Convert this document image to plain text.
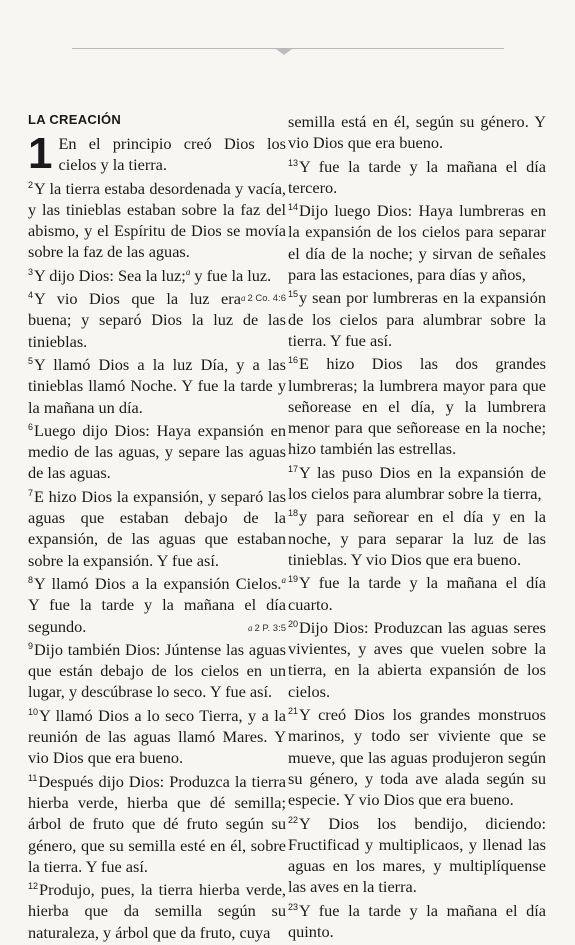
LA CREACIÓN

1 En el principio creó Dios los cielos y la tierra.

$^2$Y la tierra estaba desordenada y vacía, y las tinieblas estaban sobre la faz del abismo, y el Espíritu de Dios se movía sobre la faz de las aguas.

$^3$Y dijo Dios: Sea la luz;$^a$ y fue la luz.
a 2 Co. 4:6

$^4$Y vio Dios que la luz era buena; y separó Dios la luz de las tinieblas.

$^5$Y llamó Dios a la luz Día, y a las tinieblas llamó Noche. Y fue la tarde y la mañana un día.

$^6$Luego dijo Dios: Haya expansión en medio de las aguas, y separe las aguas de las aguas.

$^7$E hizo Dios la expansión, y separó las aguas que estaban debajo de la expansión, de las aguas que estaban sobre la expansión. Y fue así.

$^8$Y llamó Dios a la expansión Cielos.$^a$ Y fue la tarde y la mañana el día segundo.	a 2 P. 3:5

$^9$Dijo también Dios: Júntense las aguas que están debajo de los cielos en un lugar, y descúbrase lo seco. Y fue así.

$^{10}$Y llamó Dios a lo seco Tierra, y a la reunión de las aguas llamó Mares. Y vio Dios que era bueno.

$^{11}$Después dijo Dios: Produzca la tierra hierba verde, hierba que dé semilla; árbol de fruto que dé fruto según su género, que su semilla esté en él, sobre la tierra. Y fue así.

$^{12}$Produjo, pues, la tierra hierba verde, hierba que da semilla según su naturaleza, y árbol que da fruto, cuya

semilla está en él, según su género. Y vio Dios que era bueno.

$^{13}$Y fue la tarde y la mañana el día tercero.

$^{14}$Dijo luego Dios: Haya lumbreras en la expansión de los cielos para separar el día de la noche; y sirvan de señales para las estaciones, para días y años,

$^{15}$y sean por lumbreras en la expansión de los cielos para alumbrar sobre la tierra. Y fue así.

$^{16}$E hizo Dios las dos grandes lumbreras; la lumbrera mayor para que señorease en el día, y la lumbrera menor para que señorease en la noche; hizo también las estrellas.

$^{17}$Y las puso Dios en la expansión de los cielos para alumbrar sobre la tierra,

$^{18}$y para señorear en el día y en la noche, y para separar la luz de las tinieblas. Y vio Dios que era bueno.

$^{19}$Y fue la tarde y la mañana el día cuarto.

$^{20}$Dijo Dios: Produzcan las aguas seres vivientes, y aves que vuelen sobre la tierra, en la abierta expansión de los cielos.

$^{21}$Y creó Dios los grandes monstruos marinos, y todo ser viviente que se mueve, que las aguas produjeron según su género, y toda ave alada según su especie. Y vio Dios que era bueno.

$^{22}$Y Dios los bendijo, diciendo: Fructificad y multiplicaos, y llenad las aguas en los mares, y multiplíquense las aves en la tierra.

$^{23}$Y fue la tarde y la mañana el día quinto.
